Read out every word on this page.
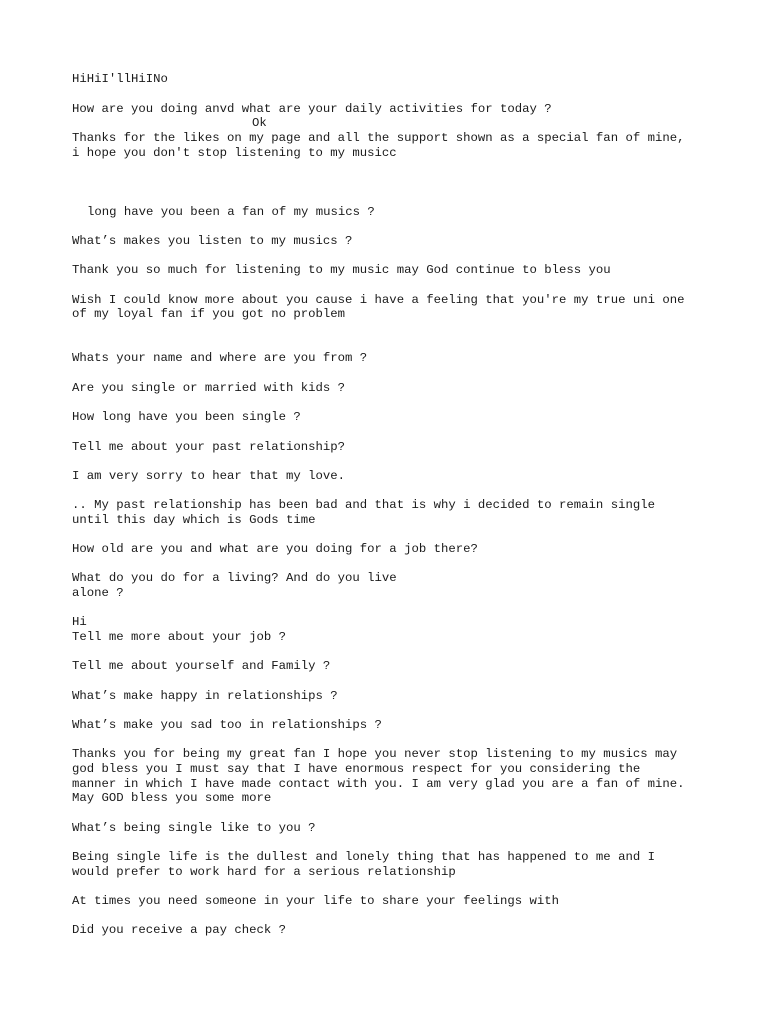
HiHiI'llHiINo

How are you doing anvd what are your daily activities for today ?

Ok

Thanks for the likes on my page and all the support shown as a special fan of mine,

i hope you don't stop listening to my musicc

long have you been a fan of my musics ?

What’s makes you listen to my musics ?

Thank you so much for listening to my music may God continue to bless you

Wish I could know more about you cause i have a feeling that you're my true uni one

of my loyal fan if you got no problem

Whats your name and where are you from ?

Are you single or married with kids ?

How long have you been single ?

Tell me about your past relationship?

I am very sorry to hear that my love.

.. My past relationship has been bad and that is why i decided to remain single

until this day which is Gods time

How old are you and what are you doing for a job there?

What do you do for a living? And do you live

alone ?

Hi

Tell me more about your job ?

Tell me about yourself and Family ?

What’s make happy in relationships ?

What’s make you sad too in relationships ?

Thanks you for being my great fan I hope you never stop listening to my musics may

god bless you I must say that I have enormous respect for you considering the

manner in which I have made contact with you. I am very glad you are a fan of mine.

May GOD bless you some more

What’s being single like to you ?

Being single life is the dullest and lonely thing that has happened to me and I

would prefer to work hard for a serious relationship

At times you need someone in your life to share your feelings with

Did you receive a pay check ?
